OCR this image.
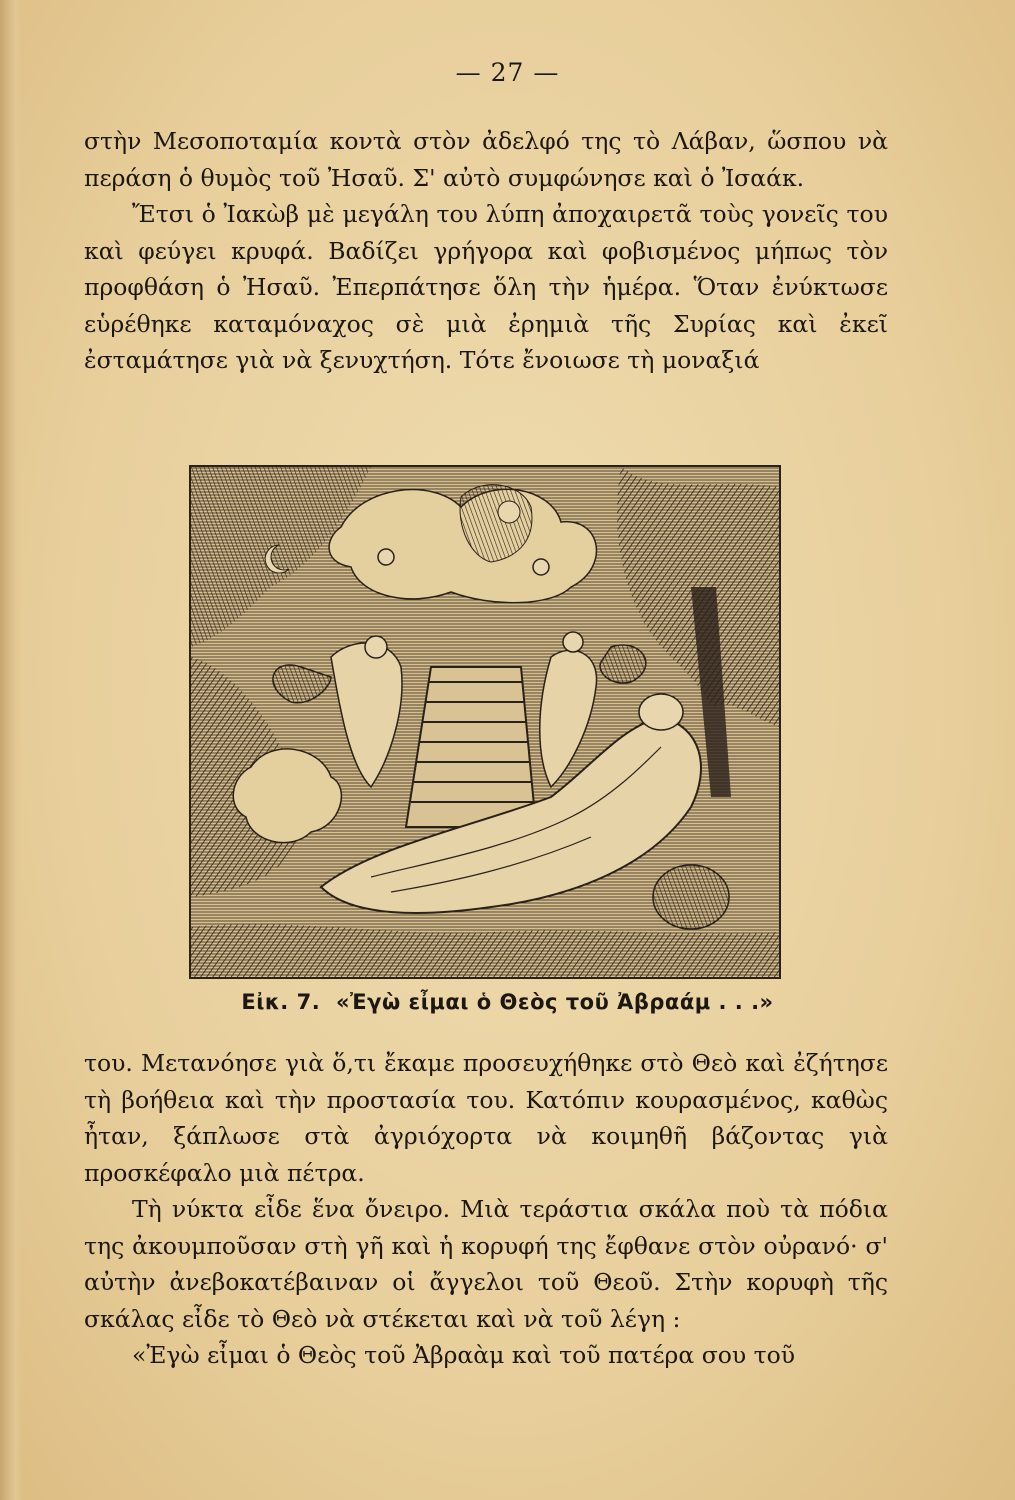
— 27 —

στὴν Μεσοποταμία κοντὰ στὸν ἀδελφό της τὸ Λάβαν, ὥσπου νὰ περάση ὁ θυμὸς τοῦ Ἠσαῦ. Σ' αὐτὸ συμφώνησε καὶ ὁ Ἰσαάκ.

Ἔτσι ὁ Ἰακὼβ μὲ μεγάλη του λύπη ἀποχαιρετᾶ τοὺς γονεῖς του καὶ φεύγει κρυφά. Βαδίζει γρήγορα καὶ φοβισμένος μήπως τὸν προφθάση ὁ Ἠσαῦ. Ἐπερπάτησε ὅλη τὴν ἡμέρα. Ὅταν ἐνύκτωσε εὑρέθηκε καταμόναχος σὲ μιὰ ἐρημιὰ τῆς Συρίας καὶ ἐκεῖ ἐσταμάτησε γιὰ νὰ ξενυχτήση. Τότε ἔνοιωσε τὴ μοναξιά

Εἰκ. 7. «Ἐγὼ εἶμαι ὁ Θεὸς τοῦ Ἀβραάμ . . .»

του. Μετανόησε γιὰ ὅ,τι ἔκαμε προσευχήθηκε στὸ Θεὸ καὶ ἐζήτησε τὴ βοήθεια καὶ τὴν προστασία του. Κατόπιν κουρασμένος, καθὼς ἦταν, ξάπλωσε στὰ ἀγριόχορτα νὰ κοιμηθῆ βάζοντας γιὰ προσκέφαλο μιὰ πέτρα.

Τὴ νύκτα εἶδε ἕνα ὄνειρο. Μιὰ τεράστια σκάλα ποὺ τὰ πόδια της ἀκουμποῦσαν στὴ γῆ καὶ ἡ κορυφή της ἔφθανε στὸν οὐρανό· σ' αὐτὴν ἀνεβοκατέβαιναν οἱ ἄγγελοι τοῦ Θεοῦ. Στὴν κορυφὴ τῆς σκάλας εἶδε τὸ Θεὸ νὰ στέκεται καὶ νὰ τοῦ λέγη :

«Ἐγὼ εἶμαι ὁ Θεὸς τοῦ Ἀβραὰμ καὶ τοῦ πατέρα σου τοῦ
